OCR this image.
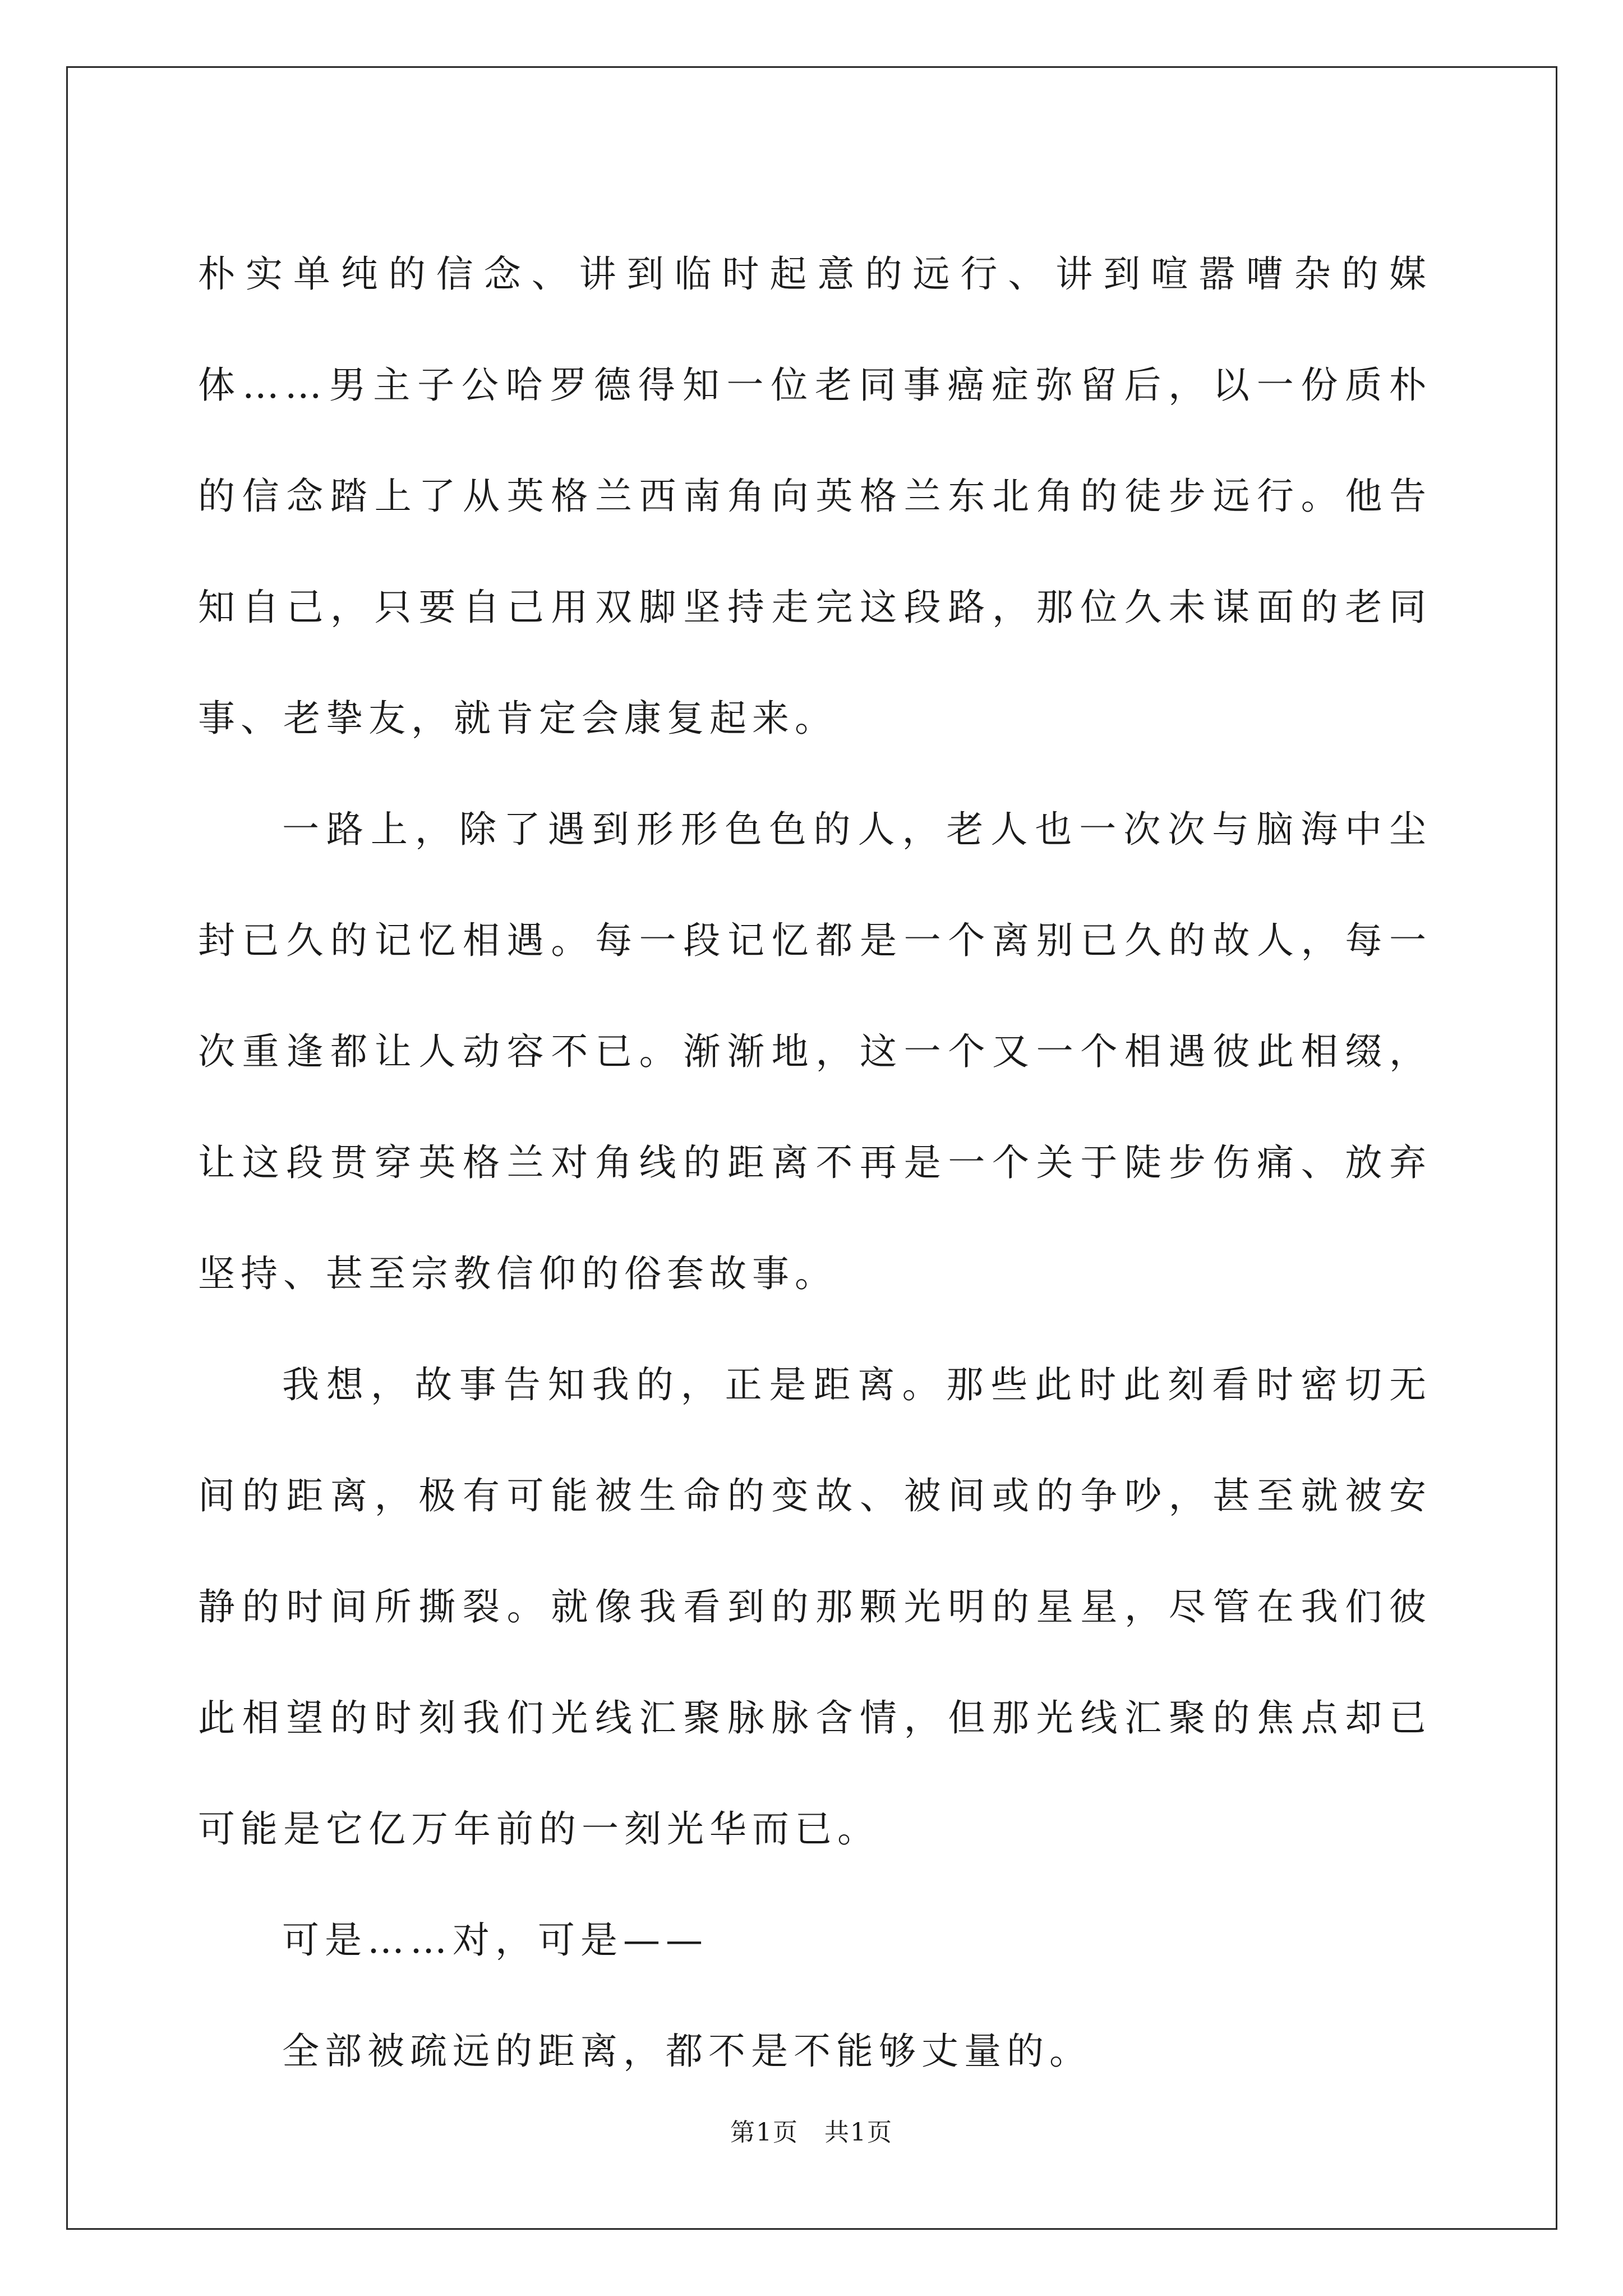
朴实单纯的信念、讲到临时起意的远行、讲到喧嚣嘈杂的媒体……男主子公哈罗德得知一位老同事癌症弥留后，以一份质朴的信念踏上了从英格兰西南角向英格兰东北角的徒步远行。他告知自己，只要自己用双脚坚持走完这段路，那位久未谋面的老同事、老挚友，就肯定会康复起来。

一路上，除了遇到形形色色的人，老人也一次次与脑海中尘封已久的记忆相遇。每一段记忆都是一个离别已久的故人，每一次重逢都让人动容不已。渐渐地，这一个又一个相遇彼此相缀，让这段贯穿英格兰对角线的距离不再是一个关于陡步伤痛、放弃坚持、甚至宗教信仰的俗套故事。

我想，故事告知我的，正是距离。那些此时此刻看时密切无间的距离，极有可能被生命的变故、被间或的争吵，甚至就被安静的时间所撕裂。就像我看到的那颗光明的星星，尽管在我们彼此相望的时刻我们光线汇聚脉脉含情，但那光线汇聚的焦点却已可能是它亿万年前的一刻光华而已。

可是……对，可是——

全部被疏远的距离，都不是不能够丈量的。

第1页　共1页
